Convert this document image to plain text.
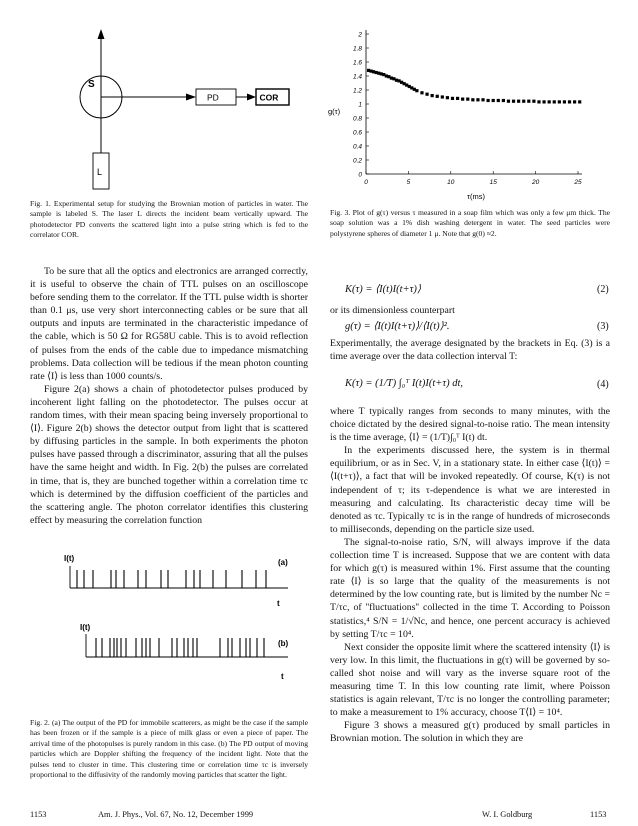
S
PD	COR
L
Fig. 1. Experimental setup for studying the Brownian motion of particles in water. The sample is labeled S. The laser L directs the incident beam vertically upward. The photodetector PD converts the scattered light into a pulse string which is fed to the correlator COR.
0
0.2
0.4
0.6
0.8
1
1.2
1.4
1.6
1.8
2
0	5	10	15	20	25
g(τ)
τ(ms)
Fig. 3. Plot of g(τ) versus τ measured in a soap film which was only a few μm thick. The soap solution was a 1% dish washing detergent in water. The seed particles were polystyrene spheres of diameter 1 μ. Note that g(0) ≈2.

To be sure that all the optics and electronics are arranged correctly, it is useful to observe the chain of TTL pulses on an oscilloscope before sending them to the correlator. If the TTL pulse width is shorter than 0.1 μs, use very short interconnecting cables or be sure that all outputs and inputs are terminated in the characteristic impedance of the cable, which is 50 Ω for RG58U cable. This is to avoid reflection of pulses from the ends of the cable due to impedance mismatching problems. Data collection will be tedious if the mean photon counting rate ⟨I⟩ is less than 1000 counts/s.

Figure 2(a) shows a chain of photodetector pulses produced by incoherent light falling on the photodetector. The pulses occur at random times, with their mean spacing being inversely proportional to ⟨I⟩. Figure 2(b) shows the detector output from light that is scattered by diffusing particles in the sample. In both experiments the photon pulses have passed through a discriminator, assuring that all the pulses have the same height and width. In Fig. 2(b) the pulses are correlated in time, that is, they are bunched together within a correlation time τc which is determined by the diffusion coefficient of the particles and the scattering angle. The photon correlator identifies this clustering effect by measuring the correlation function

I(t)	(a)
t
I(t)
(b)
t
Fig. 2. (a) The output of the PD for immobile scatterers, as might be the case if the sample has been frozen or if the sample is a piece of milk glass or even a piece of paper. The arrival time of the photopulses is purely random in this case. (b) The PD output of moving particles which are Doppler shifting the frequency of the incident light. Note that the pulses tend to cluster in time. This clustering time or correlation time τc is inversely proportional to the diffusivity of the randomly moving particles that scatter the light.
K(τ) = ⟨I(t)I(t+τ)⟩	(2)
or its dimensionless counterpart
g(τ) = ⟨I(t)I(t+τ)⟩/⟨I(t)⟩².	(3)
Experimentally, the average designated by the brackets in Eq. (3) is a time average over the data collection interval T:
K(τ) = (1/T) ∫₀ᵀ I(t)I(t+τ) dt,	(4)

where T typically ranges from seconds to many minutes, with the choice dictated by the desired signal-to-noise ratio. The mean intensity is the time average, ⟨I⟩ = (1/T)∫₀ᵀ I(t) dt.

In the experiments discussed here, the system is in thermal equilibrium, or as in Sec. V, in a stationary state. In either case ⟨I(t)⟩ = ⟨I(t+τ)⟩, a fact that will be invoked repeatedly. Of course, K(τ) is not independent of τ; its τ-dependence is what we are interested in measuring and calculating. Its characteristic decay time will be denoted as τc. Typically τc is in the range of hundreds of microseconds to milliseconds, depending on the particle size used.

The signal-to-noise ratio, S/N, will always improve if the data collection time T is increased. Suppose that we are content with data for which g(τ) is measured within 1%. First assume that the counting rate ⟨I⟩ is so large that the quality of the measurements is not determined by the low counting rate, but is limited by the number Nc = T/τc, of ''fluctuations'' collected in the time T. According to Poisson statistics,⁴ S/N = 1/√Nc, and hence, one percent accuracy is achieved by setting T/τc = 10⁴.

Next consider the opposite limit where the scattered intensity ⟨I⟩ is very low. In this limit, the fluctuations in g(τ) will be governed by so-called shot noise and will vary as the inverse square root of the measuring time T. In this low counting rate limit, where Poisson statistics is again relevant, T/τc is no longer the controlling parameter; to make a measurement to 1% accuracy, choose T⟨I⟩ = 10⁴.

Figure 3 shows a measured g(τ) produced by small particles in Brownian motion. The solution in which they are

1153	Am. J. Phys., Vol. 67, No. 12, December 1999	W. I. Goldburg	1153
